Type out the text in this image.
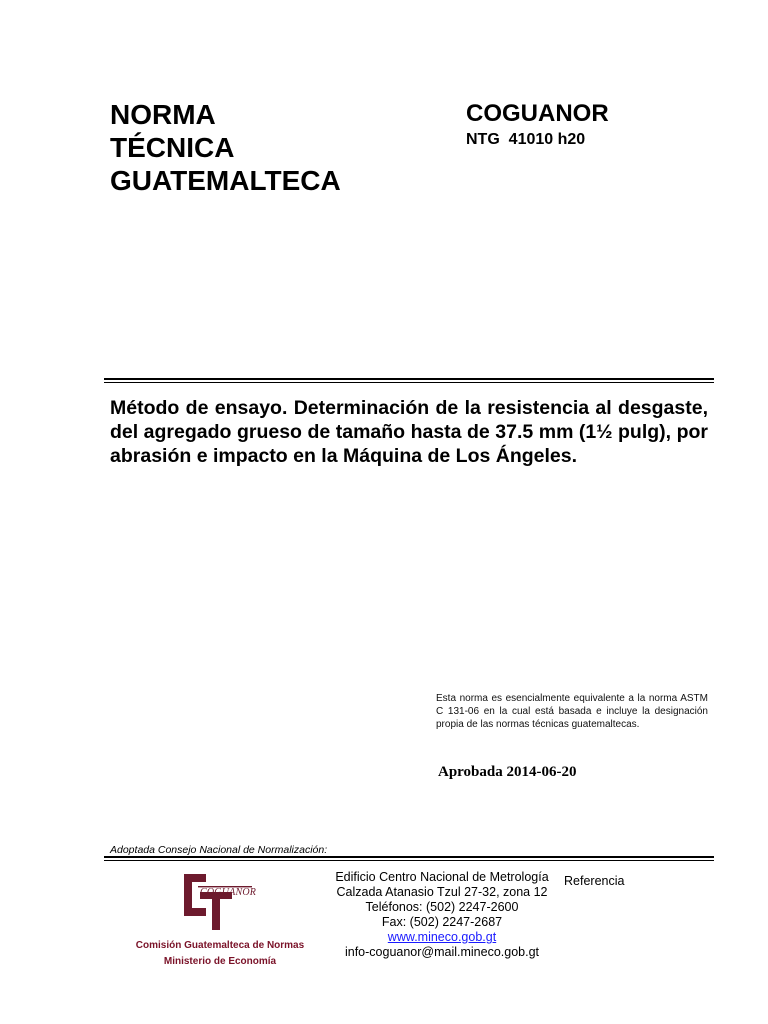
NORMA
TÉCNICA
GUATEMALTECA
COGUANOR
NTG  41010 h20
Método de ensayo. Determinación de la resistencia al desgaste, del agregado grueso de tamaño hasta de 37.5 mm (1½ pulg), por abrasión e impacto en la Máquina de Los Ángeles.
Esta norma es esencialmente equivalente a la norma ASTM C 131-06 en la cual está basada e incluye la designación propia de las normas técnicas guatemaltecas.
Aprobada 2014-06-20
Adoptada Consejo Nacional de Normalización:
COGUANOR
Comisión Guatemalteca de Normas
Ministerio de Economía
Edificio Centro Nacional de Metrología
Calzada Atanasio Tzul 27-32, zona 12
Teléfonos: (502) 2247-2600
Fax: (502) 2247-2687
www.mineco.gob.gt
info-coguanor@mail.mineco.gob.gt
Referencia
